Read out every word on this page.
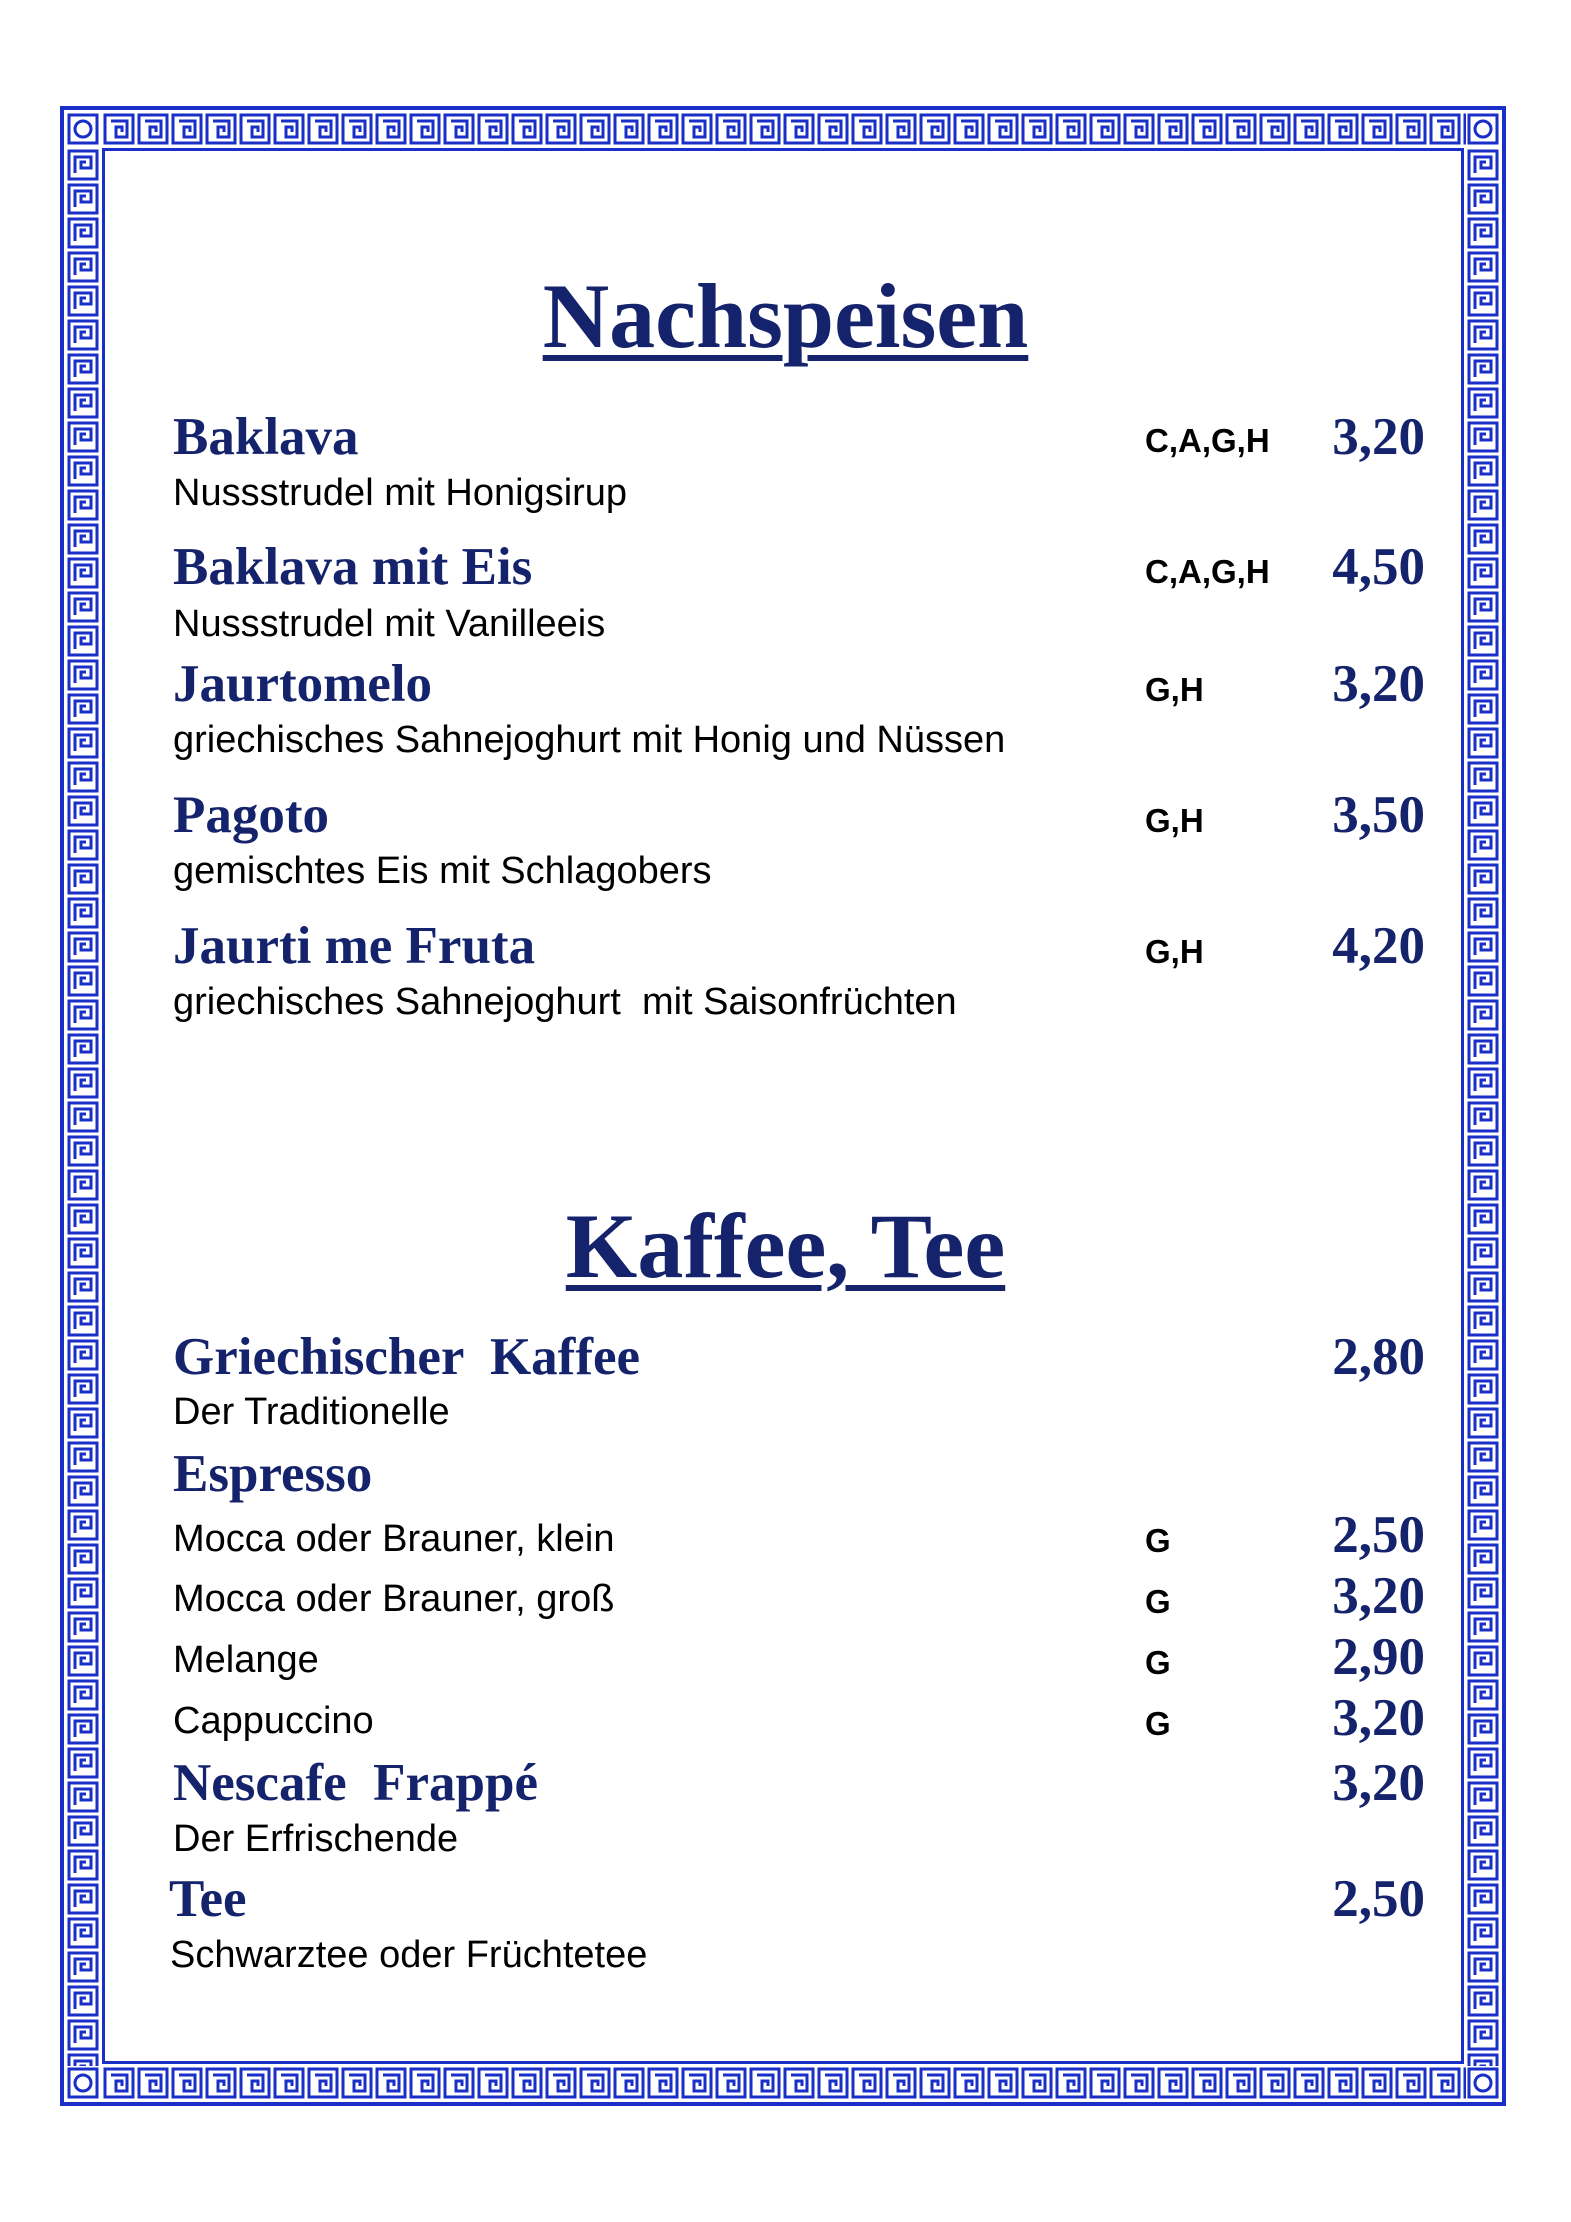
Nachspeisen
Baklava	C,A,G,H 3,20
Nussstrudel mit Honigsirup
Baklava mit Eis	C,A,G,H 4,50
Nussstrudel mit Vanilleeis
Jaurtomelo	G,H 3,20
griechisches Sahnejoghurt mit Honig und Nüssen
Pagoto	G,H 3,50
gemischtes Eis mit Schlagobers
Jaurti me Fruta	G,H 4,20
griechisches Sahnejoghurt  mit Saisonfrüchten
Kaffee, Tee
Griechischer  Kaffee	2,80
Der Traditionelle
Espresso
Mocca oder Brauner, klein	G	2,50
Mocca oder Brauner, groß	G	3,20
Melange	G	2,90
Cappuccino	G	3,20
Nescafe  Frappé	3,20
Der Erfrischende
Tee	2,50
Schwarztee oder Früchtetee
